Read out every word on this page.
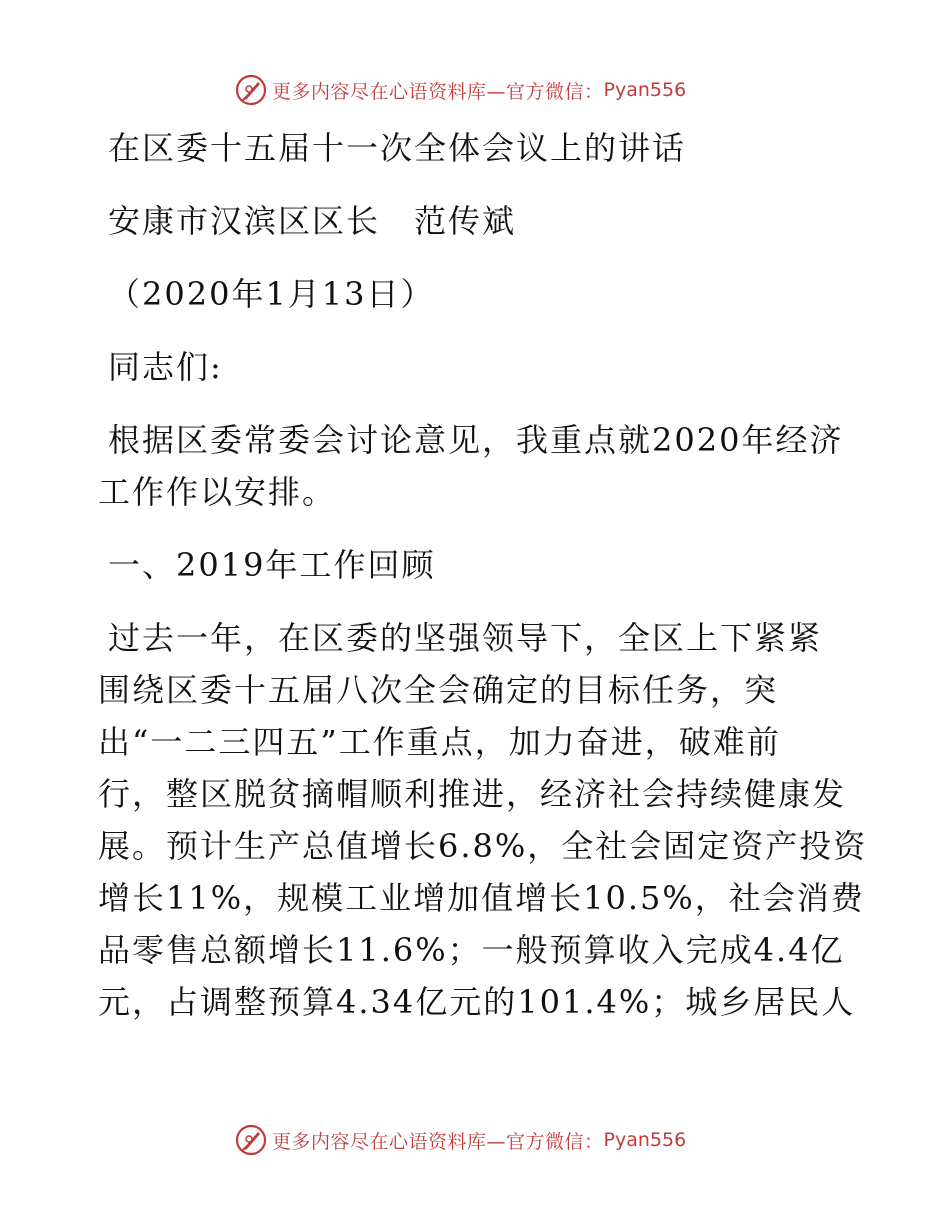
更多内容尽在心语资料库—官方微信： Pyan556
在区委十五届十一次全体会议上的讲话
安康市汉滨区区长　范传斌
（2020年1月13日）
同志们:
根据区委常委会讨论意见，我重点就2020年经济
工作作以安排。
一、2019年工作回顾
过去一年，在区委的坚强领导下，全区上下紧紧
围绕区委十五届八次全会确定的目标任务，突
出“一二三四五”工作重点，加力奋进，破难前
行，整区脱贫摘帽顺利推进，经济社会持续健康发
展。预计生产总值增长6.8%，全社会固定资产投资
增长11%，规模工业增加值增长10.5%，社会消费
品零售总额增长11.6%；一般预算收入完成4.4亿
元，占调整预算4.34亿元的101.4%；城乡居民人
更多内容尽在心语资料库—官方微信： Pyan556
